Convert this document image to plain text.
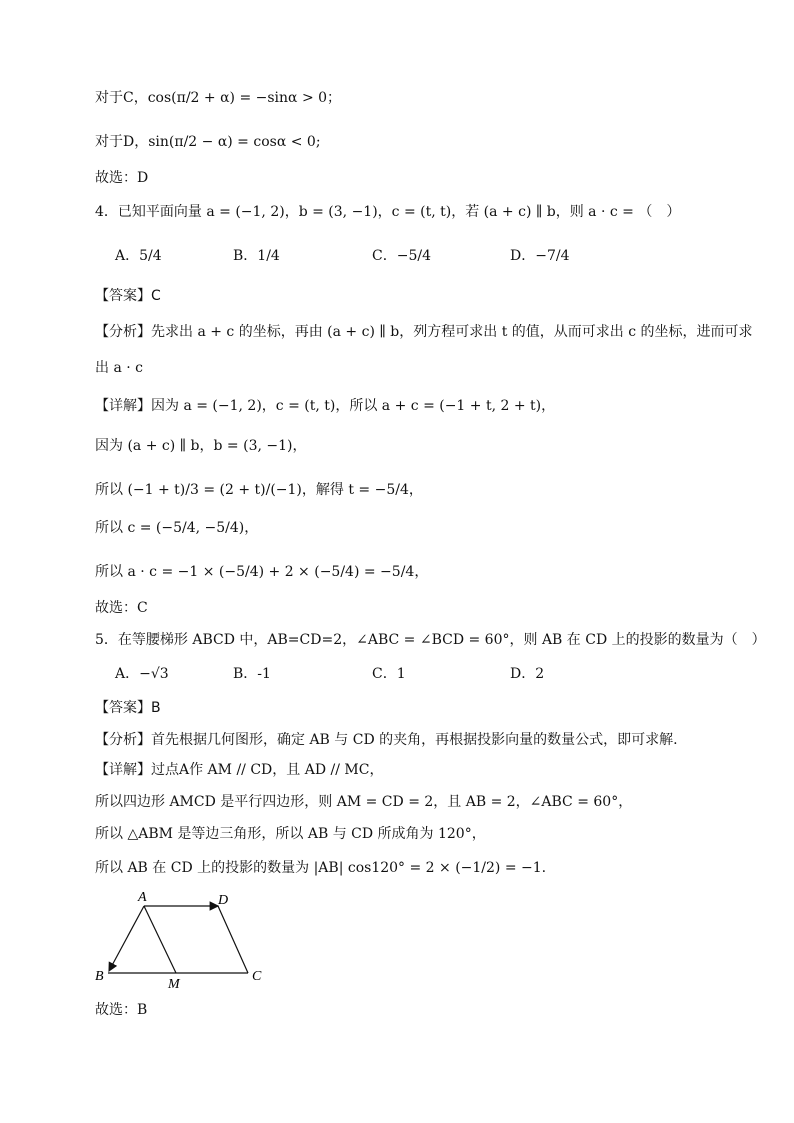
对于C，cos(π/2 + α) = −sinα > 0；
对于D，sin(π/2 − α) = cosα < 0;
故选：D
4．已知平面向量 a = (−1, 2)，b = (3, −1)，c = (t, t)，若 (a + c) ∥ b，则 a · c = （　）
A．5/4	B．1/4	C．−5/4	D．−7/4
【答案】C
【分析】先求出 a + c 的坐标，再由 (a + c) ∥ b，列方程可求出 t 的值，从而可求出 c 的坐标，进而可求
出 a · c
【详解】因为 a = (−1, 2)，c = (t, t)，所以 a + c = (−1 + t, 2 + t)，
因为 (a + c) ∥ b，b = (3, −1)，
所以 (−1 + t)/3 = (2 + t)/(−1)，解得 t = −5/4，
所以 c = (−5/4, −5/4)，
所以 a · c = −1 × (−5/4) + 2 × (−5/4) = −5/4，
故选：C
5．在等腰梯形 ABCD 中，AB=CD=2，∠ABC = ∠BCD = 60°，则 AB 在 CD 上的投影的数量为（　）
A．−√3	B．-1	C．1	D．2
【答案】B
【分析】首先根据几何图形，确定 AB 与 CD 的夹角，再根据投影向量的数量公式，即可求解.
【详解】过点A作 AM // CD，且 AD // MC，
所以四边形 AMCD 是平行四边形，则 AM = CD = 2，且 AB = 2，∠ABC = 60°，
所以 △ABM 是等边三角形，所以 AB 与 CD 所成角为 120°，
所以 AB 在 CD 上的投影的数量为 |AB| cos120° = 2 × (−1/2) = −1.
A	D
B
M
C
故选：B
